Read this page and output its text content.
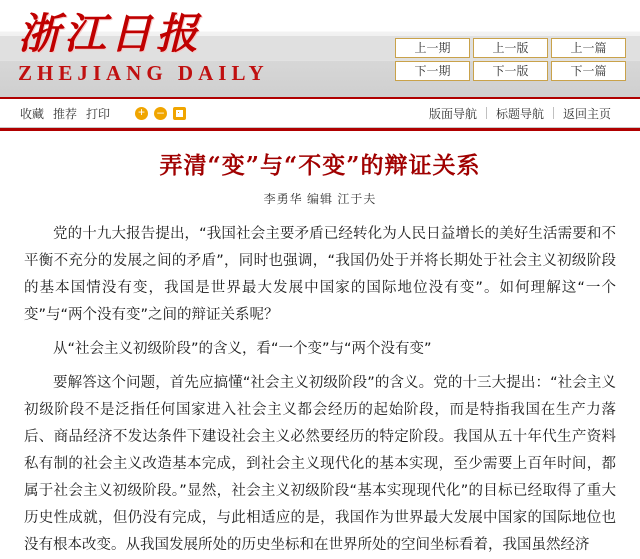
浙江日报
ZHEJIANG DAILY
上一期	上一版	上一篇
下一期	下一版	下一篇
收藏 推荐 打印 + –	版面导航	标题导航	返回主页
弄清“变”与“不变”的辩证关系
李勇华 编辑 江于夫

党的十九大报告提出，“我国社会主要矛盾已经转化为人民日益增长的美好生活需要和不平衡不充分的发展之间的矛盾”，同时也强调，“我国仍处于并将长期处于社会主义初级阶段的基本国情没有变，我国是世界最大发展中国家的国际地位没有变”。如何理解这“一个变”与“两个没有变”之间的辩证关系呢？

从“社会主义初级阶段”的含义，看“一个变”与“两个没有变”

要解答这个问题，首先应搞懂“社会主义初级阶段”的含义。党的十三大提出：“社会主义初级阶段不是泛指任何国家进入社会主义都会经历的起始阶段，而是特指我国在生产力落后、商品经济不发达条件下建设社会主义必然要经历的特定阶段。我国从五十年代生产资料私有制的社会主义改造基本完成，到社会主义现代化的基本实现，至少需要上百年时间，都属于社会主义初级阶段。”显然，社会主义初级阶段“基本实现现代化”的目标已经取得了重大历史性成就，但仍没有完成，与此相适应的是，我国作为世界最大发展中国家的国际地位也没有根本改变。从我国发展所处的历史坐标和在世界所处的空间坐标看着，我国虽然经济
